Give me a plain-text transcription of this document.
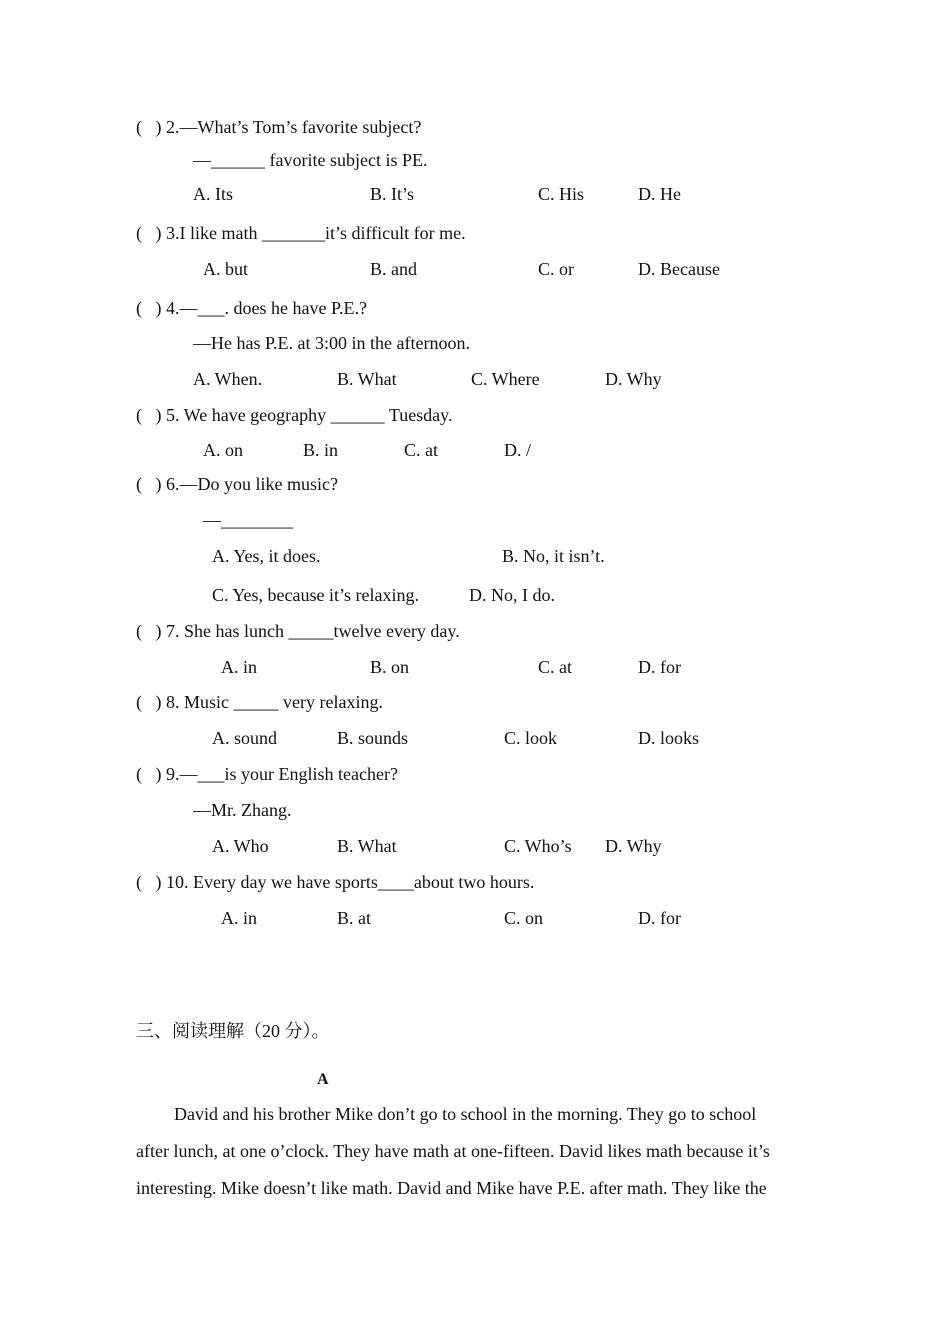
(   ) 2.—What’s Tom’s favorite subject?
—______ favorite subject is PE.
A. Its	B. It’s	C. His	D. He
(   ) 3.I like math _______it’s difficult for me.
A. but	B. and	C. or	D. Because
(   ) 4.—___. does he have P.E.?
—He has P.E. at 3:00 in the afternoon.
A. When.	B. What	C. Where	D. Why
(   ) 5. We have geography ______ Tuesday.
A. on	B. in	C. at	D. /
(   ) 6.—Do you like music?
—________
A. Yes, it does.	B. No, it isn’t.
C. Yes, because it’s relaxing.	D. No, I do.
(   ) 7. She has lunch _____twelve every day.
A. in	B. on	C. at	D. for
(   ) 8. Music _____ very relaxing.
A. sound	B. sounds	C. look	D. looks
(   ) 9.—___is your English teacher?
—Mr. Zhang.
A. Who	B. What	C. Who’s D. Why
(   ) 10. Every day we have sports____about two hours.
A. in	B. at	C. on	D. for
三、阅读理解（20 分）。
A
David and his brother Mike don’t go to school in the morning. They go to school
after lunch, at one o’clock. They have math at one-fifteen. David likes math because it’s
interesting. Mike doesn’t like math. David and Mike have P.E. after math. They like the
